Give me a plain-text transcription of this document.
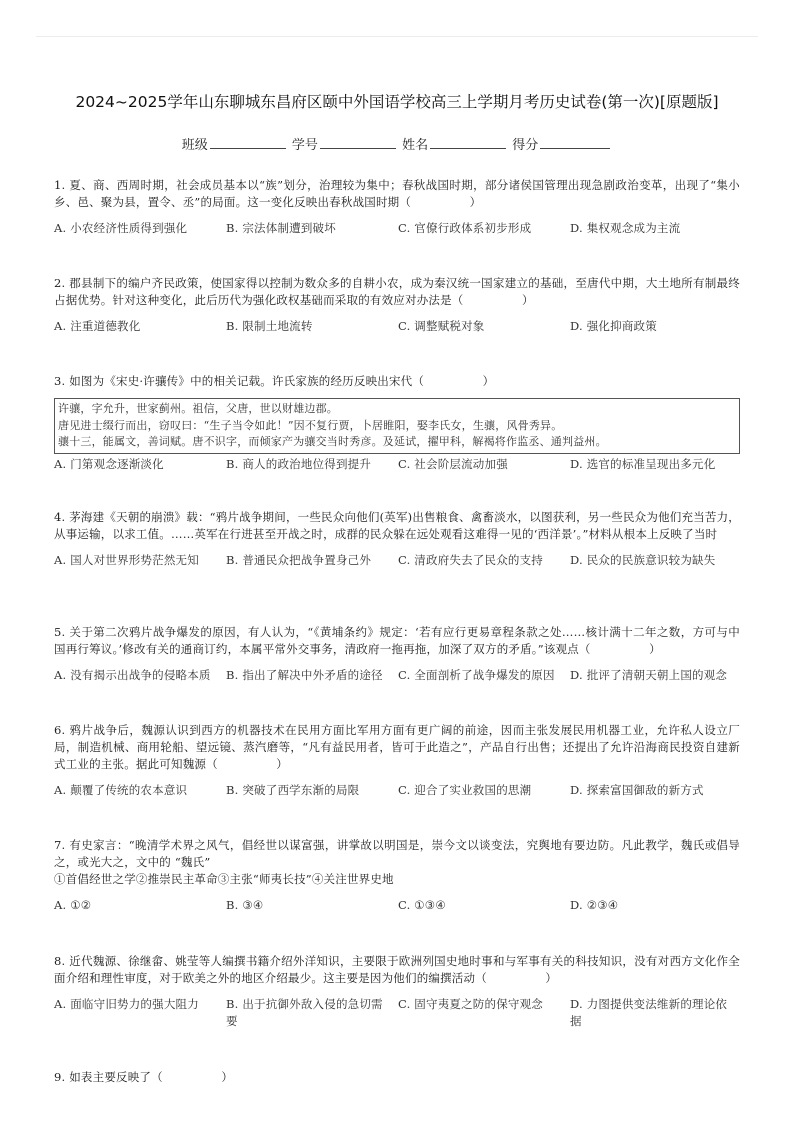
2024~2025学年山东聊城东昌府区颐中外国语学校高三上学期月考历史试卷(第一次)[原题版]
班级	学号	姓名	得分
1. 夏、商、西周时期，社会成员基本以“族”划分，治理较为集中；春秋战国时期，部分诸侯国管理出现急剧政治变革，出现了“集小乡、邑、聚为县，置令、丞”的局面。这一变化反映出春秋战国时期（　　　　　）
A. 小农经济性质得到强化	B. 宗法体制遭到破坏	C. 官僚行政体系初步形成	D. 集权观念成为主流
2. 郡县制下的编户齐民政策，使国家得以控制为数众多的自耕小农，成为秦汉统一国家建立的基础，至唐代中期，大土地所有制最终占据优势。针对这种变化，此后历代为强化政权基础而采取的有效应对办法是（　　　　　）
A. 注重道德教化	B. 限制土地流转	C. 调整赋税对象	D. 强化抑商政策
3. 如图为《宋史·许骧传》中的相关记载。许氏家族的经历反映出宋代（　　　　　）
许骧，字允升，世家蓟州。祖信，父唐，世以财雄边郡。
唐见进士缀行而出，窃叹曰：“生子当令如此！”因不复行贾，卜居睢阳，娶李氏女，生骧，风骨秀异。
骧十三，能属文，善词赋。唐不识字，而倾家产为骧交当时秀彦。及延试，擢甲科，解褐将作监丞、通判益州。
A. 门第观念逐渐淡化	B. 商人的政治地位得到提升	C. 社会阶层流动加强	D. 选官的标准呈现出多元化
4. 茅海建《天朝的崩溃》载：“鸦片战争期间，一些民众向他们(英军)出售粮食、禽畜淡水，以图获利，另一些民众为他们充当苦力，从事运输，以求工值。……英军在行进甚至开战之时，成群的民众躲在远处观看这难得一见的‘西洋景’。”材料从根本上反映了当时
A. 国人对世界形势茫然无知	B. 普通民众把战争置身己外	C. 清政府失去了民众的支持	D. 民众的民族意识较为缺失
5. 关于第二次鸦片战争爆发的原因，有人认为，“《黄埔条约》规定：‘若有应行更易章程条款之处……核计满十二年之数，方可与中国再行筹议。’修改有关的通商订约，本属平常外交事务，清政府一拖再拖，加深了双方的矛盾。”该观点（　　　　　）
A. 没有揭示出战争的侵略本质	B. 指出了解决中外矛盾的途径	C. 全面剖析了战争爆发的原因	D. 批评了清朝天朝上国的观念
6. 鸦片战争后，魏源认识到西方的机器技术在民用方面比军用方面有更广阔的前途，因而主张发展民用机器工业，允许私人设立厂局，制造机械、商用轮船、望远镜、蒸汽磨等，“凡有益民用者，皆可于此造之”，产品自行出售；还提出了允许沿海商民投资自建新式工业的主张。据此可知魏源（　　　　　）
A. 颠覆了传统的农本意识	B. 突破了西学东渐的局限	C. 迎合了实业救国的思潮	D. 探索富国御敌的新方式
7. 有史家言：“晚清学术界之风气，倡经世以谋富强，讲掌故以明国是，崇今文以谈变法，究舆地有要边防。凡此教学，魏氏或倡导之，或光大之，文中的 “魏氏”
①首倡经世之学②推崇民主革命③主张“师夷长技”④关注世界史地
A. ①②	B. ③④	C. ①③④	D. ②③④
8. 近代魏源、徐继畲、姚莹等人编撰书籍介绍外洋知识，主要限于欧洲列国史地时事和与军事有关的科技知识，没有对西方文化作全面介绍和理性审度，对于欧美之外的地区介绍最少。这主要是因为他们的编撰活动（　　　　　）
A. 面临守旧势力的强大阻力	B. 出于抗御外敌入侵的急切需要
C. 固守夷夏之防的保守观念	D. 力图提供变法维新的理论依据
9. 如表主要反映了（　　　　　）
